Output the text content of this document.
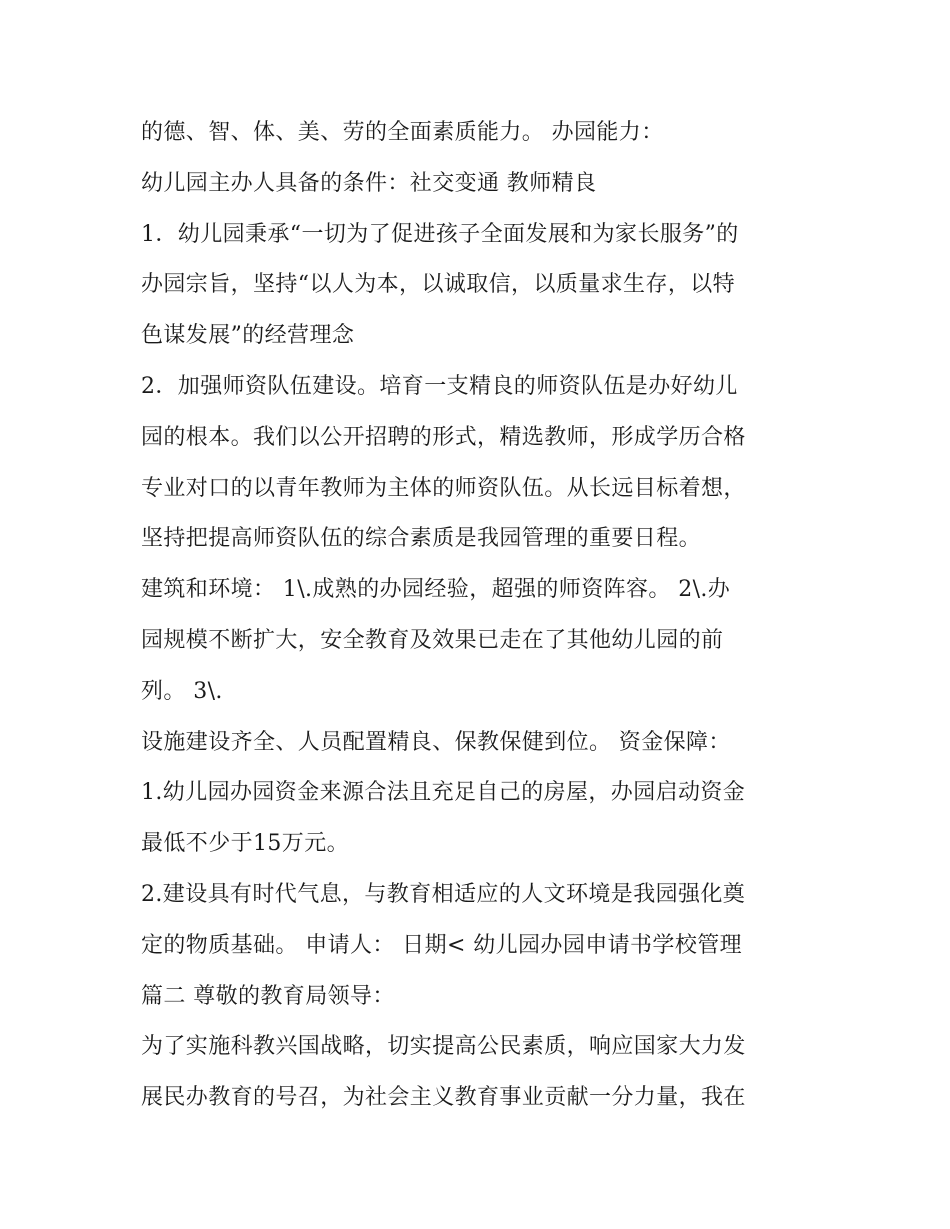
的德、智、体、美、劳的全面素质能力。 办园能力：
幼儿园主办人具备的条件：社交变通 教师精良
1．幼儿园秉承“一切为了促进孩子全面发展和为家长服务”的
办园宗旨，坚持“以人为本，以诚取信，以质量求生存，以特
色谋发展”的经营理念
2．加强师资队伍建设。培育一支精良的师资队伍是办好幼儿
园的根本。我们以公开招聘的形式，精选教师，形成学历合格
专业对口的以青年教师为主体的师资队伍。从长远目标着想，
坚持把提高师资队伍的综合素质是我园管理的重要日程。
建筑和环境： 1\.成熟的办园经验，超强的师资阵容。 2\.办
园规模不断扩大，安全教育及效果已走在了其他幼儿园的前
列。 3\.
设施建设齐全、人员配置精良、保教保健到位。 资金保障：
1.幼儿园办园资金来源合法且充足自己的房屋，办园启动资金
最低不少于15万元。
2.建设具有时代气息，与教育相适应的人文环境是我园强化奠
定的物质基础。 申请人： 日期< 幼儿园办园申请书学校管理
篇二 尊敬的教育局领导：
为了实施科教兴国战略，切实提高公民素质，响应国家大力发
展民办教育的号召，为社会主义教育事业贡献一分力量，我在
